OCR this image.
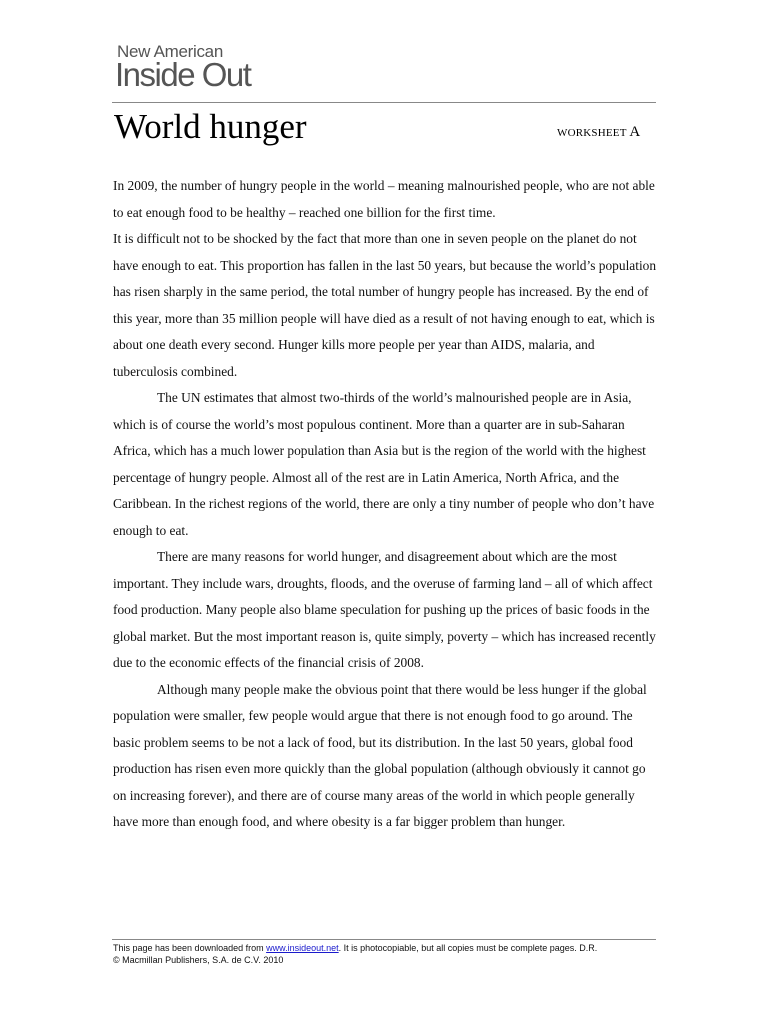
New American
Inside Out
World hunger	WORKSHEET A

In 2009, the number of hungry people in the world – meaning malnourished people, who are not able to eat enough food to be healthy – reached one billion for the first time.

It is difficult not to be shocked by the fact that more than one in seven people on the planet do not have enough to eat. This proportion has fallen in the last 50 years, but because the world’s population has risen sharply in the same period, the total number of hungry people has increased. By the end of this year, more than 35 million people will have died as a result of not having enough to eat, which is about one death every second. Hunger kills more people per year than AIDS, malaria, and tuberculosis combined.

The UN estimates that almost two-thirds of the world’s malnourished people are in Asia, which is of course the world’s most populous continent. More than a quarter are in sub-Saharan Africa, which has a much lower population than Asia but is the region of the world with the highest percentage of hungry people. Almost all of the rest are in Latin America, North Africa, and the Caribbean. In the richest regions of the world, there are only a tiny number of people who don’t have enough to eat.

There are many reasons for world hunger, and disagreement about which are the most important. They include wars, droughts, floods, and the overuse of farming land – all of which affect food production. Many people also blame speculation for pushing up the prices of basic foods in the global market. But the most important reason is, quite simply, poverty – which has increased recently due to the economic effects of the financial crisis of 2008.

Although many people make the obvious point that there would be less hunger if the global population were smaller, few people would argue that there is not enough food to go around. The basic problem seems to be not a lack of food, but its distribution. In the last 50 years, global food production has risen even more quickly than the global population (although obviously it cannot go on increasing forever), and there are of course many areas of the world in which people generally have more than enough food, and where obesity is a far bigger problem than hunger.

This page has been downloaded from www.insideout.net. It is photocopiable, but all copies must be complete pages. D.R.

© Macmillan Publishers, S.A. de C.V. 2010
